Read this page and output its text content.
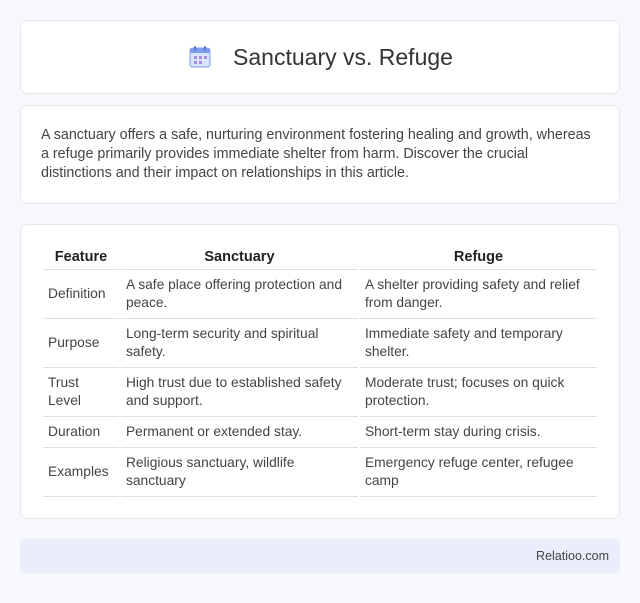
Sanctuary vs. Refuge

A sanctuary offers a safe, nurturing environment fostering healing and growth, whereas a refuge primarily provides immediate shelter from harm. Discover the crucial distinctions and their impact on relationships in this article.

Feature	Sanctuary	Refuge
Definition	A safe place offering protection and peace.	A shelter providing safety and relief from danger.
Purpose	Long-term security and spiritual safety.	Immediate safety and temporary shelter.
Trust Level	High trust due to established safety and support.	Moderate trust; focuses on quick protection.
Duration	Permanent or extended stay.	Short-term stay during crisis.
Examples	Religious sanctuary, wildlife sanctuary	Emergency refuge center, refugee camp
Relatioo.com
